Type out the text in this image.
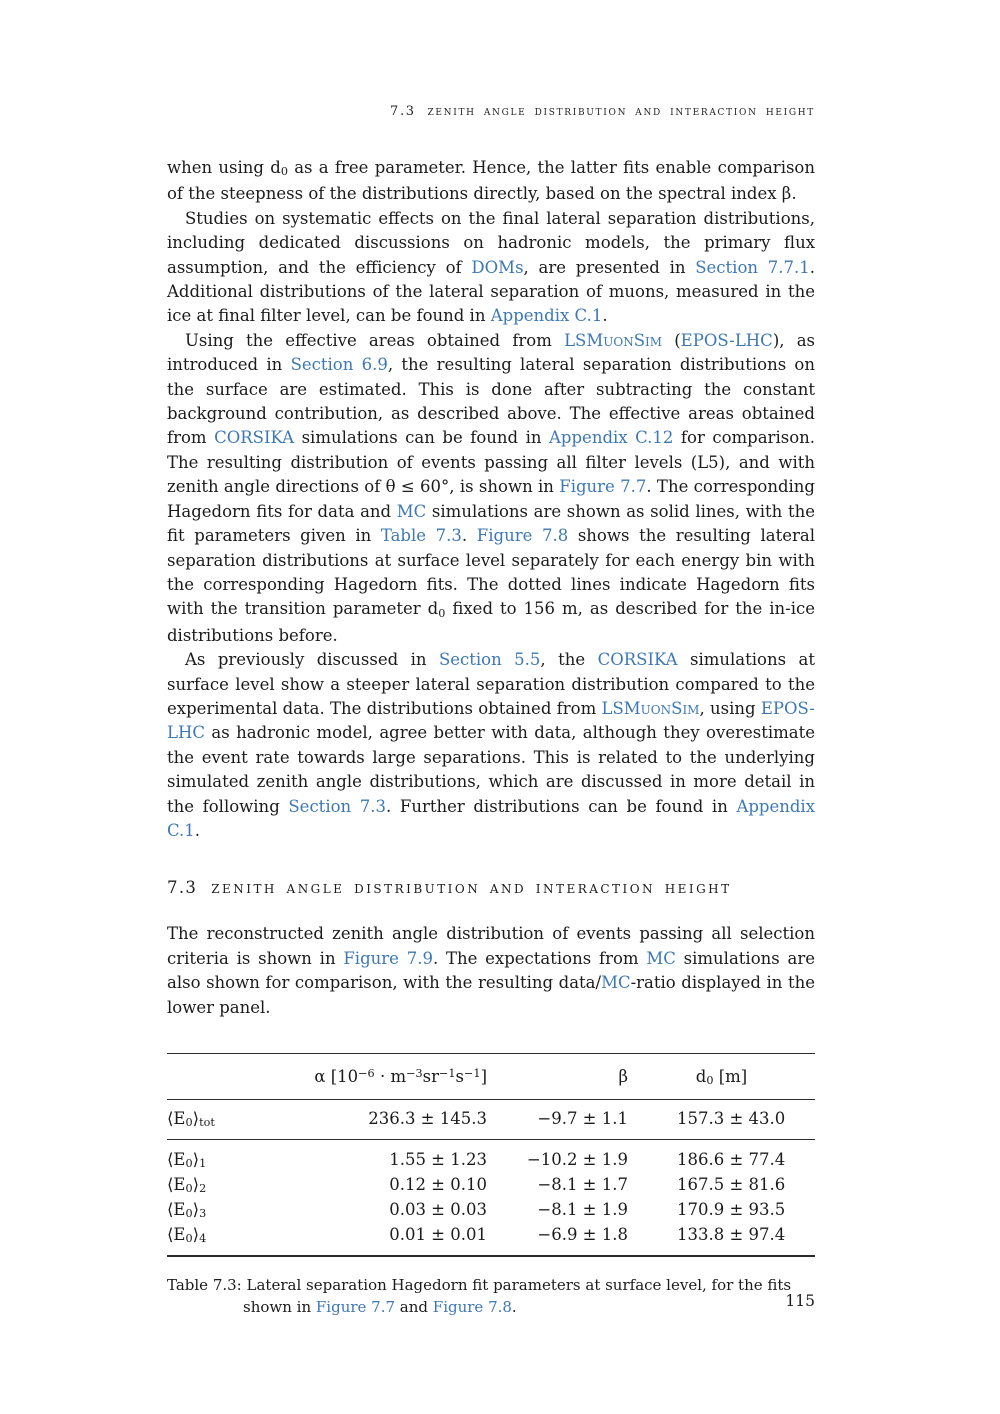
7.3 zenith angle distribution and interaction height

when using d0 as a free parameter. Hence, the latter fits enable comparison of the steepness of the distributions directly, based on the spectral index β.

Studies on systematic effects on the final lateral separation distributions, including dedicated discussions on hadronic models, the primary flux assumption, and the efficiency of DOMs, are presented in Section 7.7.1. Additional distributions of the lateral separation of muons, measured in the ice at final filter level, can be found in Appendix C.1.

Using the effective areas obtained from LSMuonSim (EPOS-LHC), as introduced in Section 6.9, the resulting lateral separation distributions on the surface are estimated. This is done after subtracting the constant background contribution, as described above. The effective areas obtained from CORSIKA simulations can be found in Appendix C.12 for comparison. The resulting distribution of events passing all filter levels (L5), and with zenith angle directions of θ ≤ 60°, is shown in Figure 7.7. The corresponding Hagedorn fits for data and MC simulations are shown as solid lines, with the fit parameters given in Table 7.3. Figure 7.8 shows the resulting lateral separation distributions at surface level separately for each energy bin with the corresponding Hagedorn fits. The dotted lines indicate Hagedorn fits with the transition parameter d0 fixed to 156 m, as described for the in-ice distributions before.

As previously discussed in Section 5.5, the CORSIKA simulations at surface level show a steeper lateral separation distribution compared to the experimental data. The distributions obtained from LSMuonSim, using EPOS-LHC as hadronic model, agree better with data, although they overestimate the event rate towards large separations. This is related to the underlying simulated zenith angle distributions, which are discussed in more detail in the following Section 7.3. Further distributions can be found in Appendix C.1.

7.3 zenith angle distribution and interaction height

The reconstructed zenith angle distribution of events passing all selection criteria is shown in Figure 7.9. The expectations from MC simulations are also shown for comparison, with the resulting data/MC-ratio displayed in the lower panel.

	α $[10^{-6} \cdot m^{-3}sr^{-1}s^{-1}]$	β	d0 [m]
⟨E0⟩tot	236.3 ± 145.3	−9.7 ± 1.1	157.3 ± 43.0
⟨E0⟩1	1.55 ± 1.23	−10.2 ± 1.9	186.6 ± 77.4
⟨E0⟩2	0.12 ± 0.10	−8.1 ± 1.7	167.5 ± 81.6
⟨E0⟩3	0.03 ± 0.03	−8.1 ± 1.9	170.9 ± 93.5
⟨E0⟩4	0.01 ± 0.01	−6.9 ± 1.8	133.8 ± 97.4
Table 7.3: Lateral separation Hagedorn fit parameters at surface level, for the fits shown in Figure 7.7 and Figure 7.8.	115
